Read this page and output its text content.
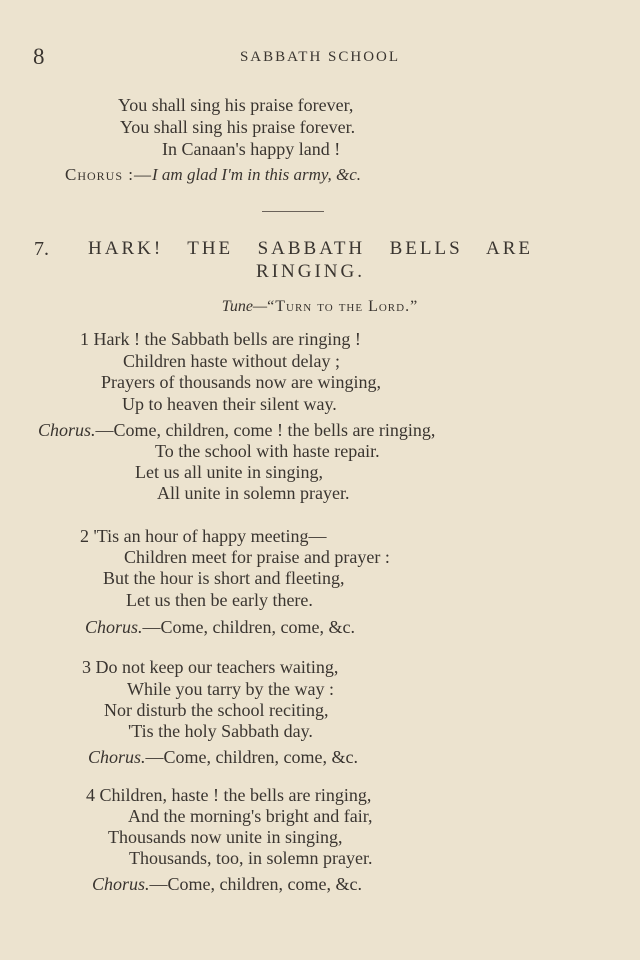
8	SABBATH SCHOOL
You shall sing his praise forever,
You shall sing his praise forever.
In Canaan's happy land !
Chorus :—I am glad I'm in this army, &c.
7. HARK! THE SABBATH BELLS ARE RINGING.
Tune—“Turn to the Lord.”
1 Hark ! the Sabbath bells are ringing !
Children haste without delay ;
Prayers of thousands now are winging,
Up to heaven their silent way.
Chorus.—Come, children, come ! the bells are ringing,
To the school with haste repair.
Let us all unite in singing,
All unite in solemn prayer.
2 'Tis an hour of happy meeting—
Children meet for praise and prayer :
But the hour is short and fleeting,
Let us then be early there.
Chorus.—Come, children, come, &c.
3 Do not keep our teachers waiting,
While you tarry by the way :
Nor disturb the school reciting,
'Tis the holy Sabbath day.
Chorus.—Come, children, come, &c.
4 Children, haste ! the bells are ringing,
And the morning's bright and fair,
Thousands now unite in singing,
Thousands, too, in solemn prayer.
Chorus.—Come, children, come, &c.
